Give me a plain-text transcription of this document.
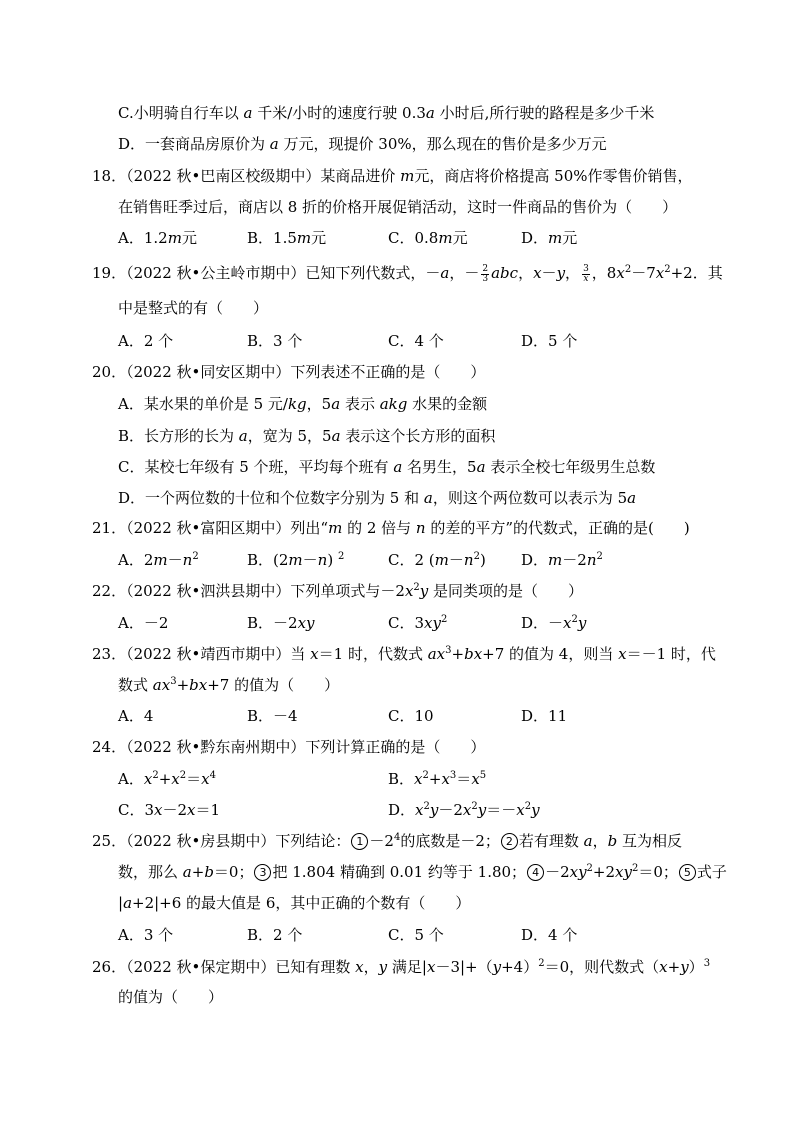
C.小明骑自行车以 a 千米/小时的速度行驶 0.3a 小时后,所行驶的路程是多少千米
D．一套商品房原价为 a 万元，现提价 30%，那么现在的售价是多少万元
18．（2022 秋•巴南区校级期中）某商品进价 m元，商店将价格提高 50%作零售价销售，
在销售旺季过后，商店以 8 折的价格开展促销活动，这时一件商品的售价为（　　）
A．1.2m元	B．1.5m元	C．0.8m元	D．m元
19．（2022 秋•公主岭市期中）已知下列代数式，－a，－ $\frac{2}{3}$ abc，x－y， $\frac{3}{x}$ ，$8x^2-7x^2+2$．其
中是整式的有（　　）
A．2 个	B．3 个	C．4 个	D．5 个
20．（2022 秋•同安区期中）下列表述不正确的是（　　）
A．某水果的单价是 5 元/kg，5a 表示 akg 水果的金额
B．长方形的长为 a，宽为 5，5a 表示这个长方形的面积
C．某校七年级有 5 个班，平均每个班有 a 名男生，5a 表示全校七年级男生总数
D．一个两位数的十位和个位数字分别为 5 和 a，则这个两位数可以表示为 5a
21．（2022 秋•富阳区期中）列出“m 的 2 倍与 n 的差的平方”的代数式，正确的是(　　)
A．$2m-n^2$	B．(2m－n) $^2$	C．2 $(m-n^2)$ D．$m-2n^2$
22．（2022 秋•泗洪县期中）下列单项式与$-2x^2y$ 是同类项的是（　　）
A．－2	B．－2xy	C．$3xy^2$	D．$-x^2y$
23．（2022 秋•靖西市期中）当 x＝1 时，代数式 $ax^3+bx+7$ 的值为 4，则当 x＝－1 时，代
数式 $ax^3+bx+7$ 的值为（　　）
A．4	B．－4	C．10	D．11
24．（2022 秋•黔东南州期中）下列计算正确的是（　　）
A．$x^2+x^2=x^4$	B．$x^2+x^3=x^5$
C．3x－2x＝1	D．$x^2y-2x^2y=-x^2y$
25．（2022 秋•房县期中）下列结论： $1 -2^4$的底数是－2； 2 若有理数 a，b 互为相反
数，那么 a+b＝0； 3 把 1.804 精确到 0.01 约等于 1.80； $4 -2xy^2+2xy^2=0$； 5 式子
|a+2|+6 的最大值是 6，其中正确的个数有（　　）
A．3 个	B．2 个	C．5 个	D．4 个
26．（2022 秋•保定期中）已知有理数 x，y 满足$|x-3|+(y+4)^2=0$，则代数式$(x+y)^3$
的值为（　　）
